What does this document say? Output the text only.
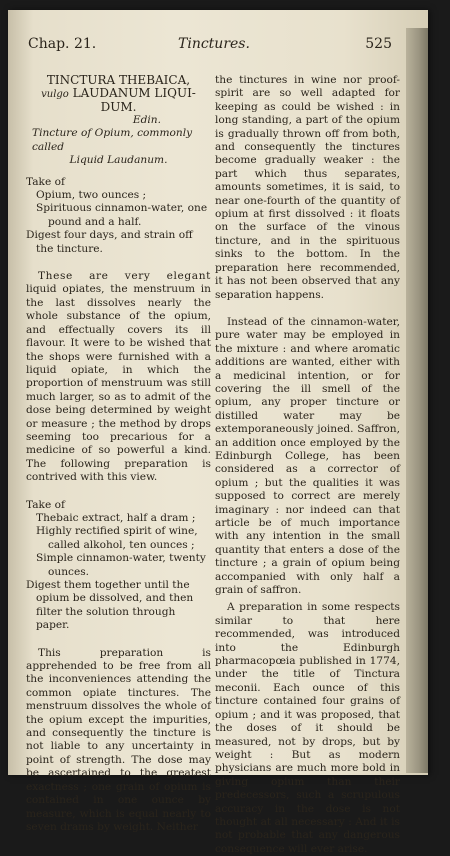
Chap. 21.	Tinctures.	525
TINCTURA THEBAICA,
vulgo LAUDANUM LIQUI-DUM.
Edin.
Tincture of Opium, commonly called
Liquid Laudanum.

Take of

Opium, two ounces ;

Spirituous cinnamon-water, one pound and a half.

Digest four days, and strain off the tincture.

These are very elegant liquid opiates, the menstruum in the last dissolves nearly the whole substance of the opium, and effectually covers its ill flavour. It were to be wished that the shops were furnished with a liquid opiate, in which the proportion of menstruum was still much larger, so as to admit of the dose being determined by weight or measure ; the method by drops seeming too precarious for a medicine of so powerful a kind. The following preparation is contrived with this view.

Take of

Thebaic extract, half a dram ;

Highly rectified spirit of wine, called alkohol, ten ounces ;

Simple cinnamon-water, twenty ounces.

Digest them together until the opium be dissolved, and then filter the solution through paper.

This preparation is apprehended to be free from all the inconveniences attending the common opiate tinctures. The menstruum dissolves the whole of the opium except the impurities, and consequently the tincture is not liable to any uncertainty in point of strength. The dose may be ascertained to the greatest exactness ; one grain of opium is contained in one ounce by measure, which is equal nearly to seven drams by weight. Neither

the tinctures in wine nor proof-spirit are so well adapted for keeping as could be wished : in long standing, a part of the opium is gradually thrown off from both, and consequently the tinctures become gradually weaker : the part which thus separates, amounts sometimes, it is said, to near one-fourth of the quantity of opium at first dissolved : it floats on the surface of the vinous tincture, and in the spirituous sinks to the bottom. In the preparation here recommended, it has not been observed that any separation happens.

Instead of the cinnamon-water, pure water may be employed in the mixture : and where aromatic additions are wanted, either with a medicinal intention, or for covering the ill smell of the opium, any proper tincture or distilled water may be extemporaneously joined. Saffron, an addition once employed by the Edinburgh College, has been considered as a corrector of opium ; but the qualities it was supposed to correct are merely imaginary : nor indeed can that article be of much importance with any intention in the small quantity that enters a dose of the tincture ; a grain of opium being accompanied with only half a grain of saffron.

A preparation in some respects similar to that here recommended, was introduced into the Edinburgh pharmacopœia published in 1774, under the title of Tinctura meconii. Each ounce of this tincture contained four grains of opium ; and it was proposed, that the doses of it should be measured, not by drops, but by weight : But as modern physicians are much more bold in giving opium than their predecessors, such a scrupulous accuracy in the dose is not thought at all necessary : And it is not probable that any dangerous consequence will ever arise.
